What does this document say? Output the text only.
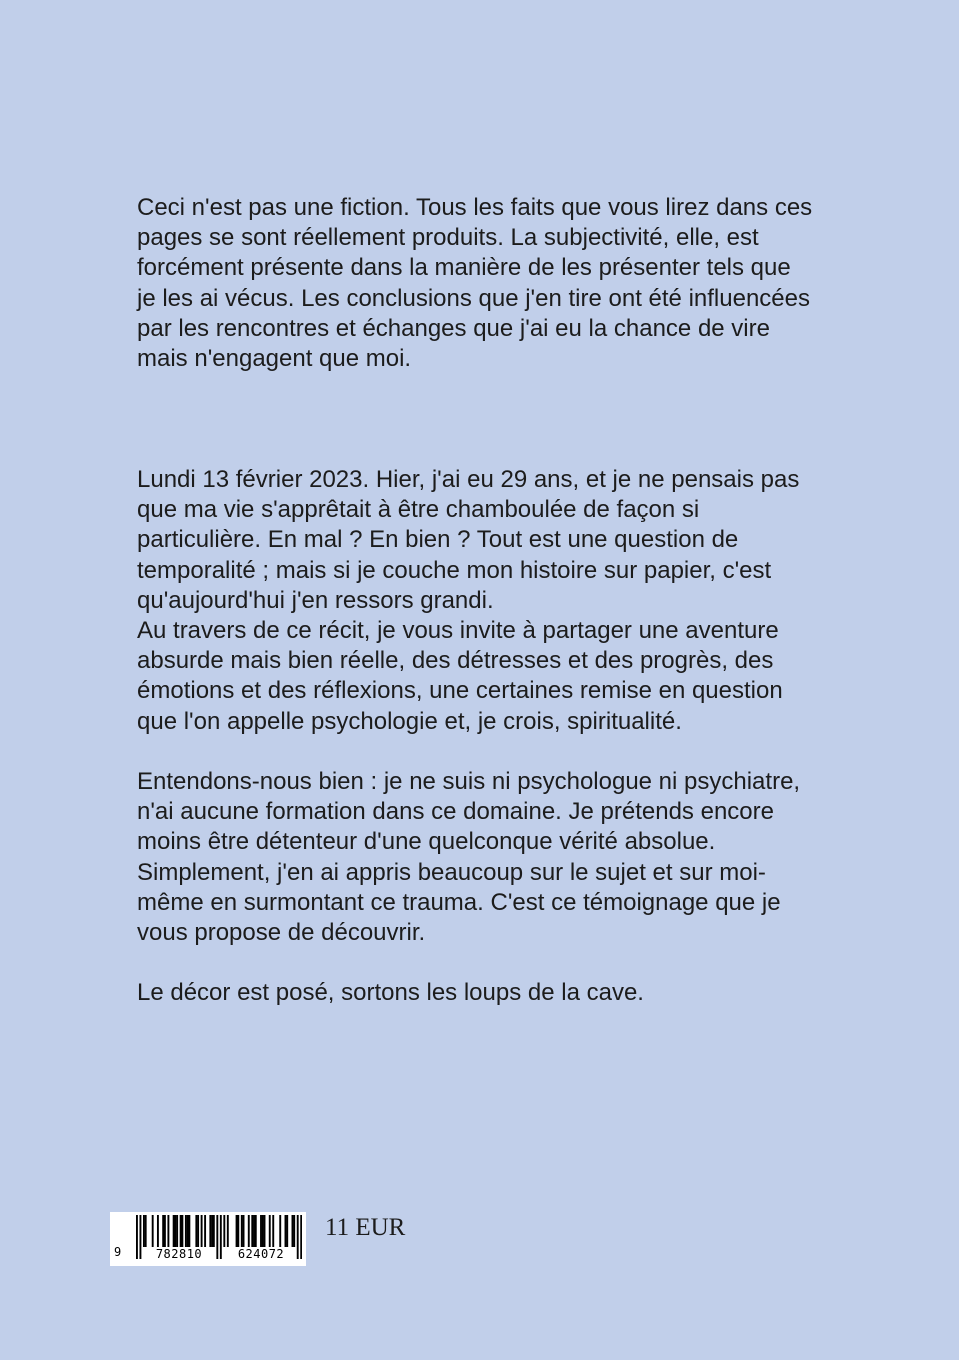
Ceci n'est pas une fiction. Tous les faits que vous lirez dans ces
pages se sont réellement produits. La subjectivité, elle, est
forcément présente dans la manière de les présenter tels que
je les ai vécus. Les conclusions que j'en tire ont été influencées
par les rencontres et échanges que j'ai eu la chance de vire
mais n'engagent que moi.

Lundi 13 février 2023. Hier, j'ai eu 29 ans, et je ne pensais pas
que ma vie s'apprêtait à être chamboulée de façon si
particulière. En mal ? En bien ? Tout est une question de
temporalité ; mais si je couche mon histoire sur papier, c'est
qu'aujourd'hui j'en ressors grandi.

Au travers de ce récit, je vous invite à partager une aventure
absurde mais bien réelle, des détresses et des progrès, des
émotions et des réflexions, une certaines remise en question
que l'on appelle psychologie et, je crois, spiritualité.

Entendons-nous bien : je ne suis ni psychologue ni psychiatre,
n'ai aucune formation dans ce domaine. Je prétends encore
moins être détenteur d'une quelconque vérité absolue.
Simplement, j'en ai appris beaucoup sur le sujet et sur moi-
même en surmontant ce trauma. C'est ce témoignage que je
vous propose de découvrir.

Le décor est posé, sortons les loups de la cave.

9	782810	624072
11 EUR
